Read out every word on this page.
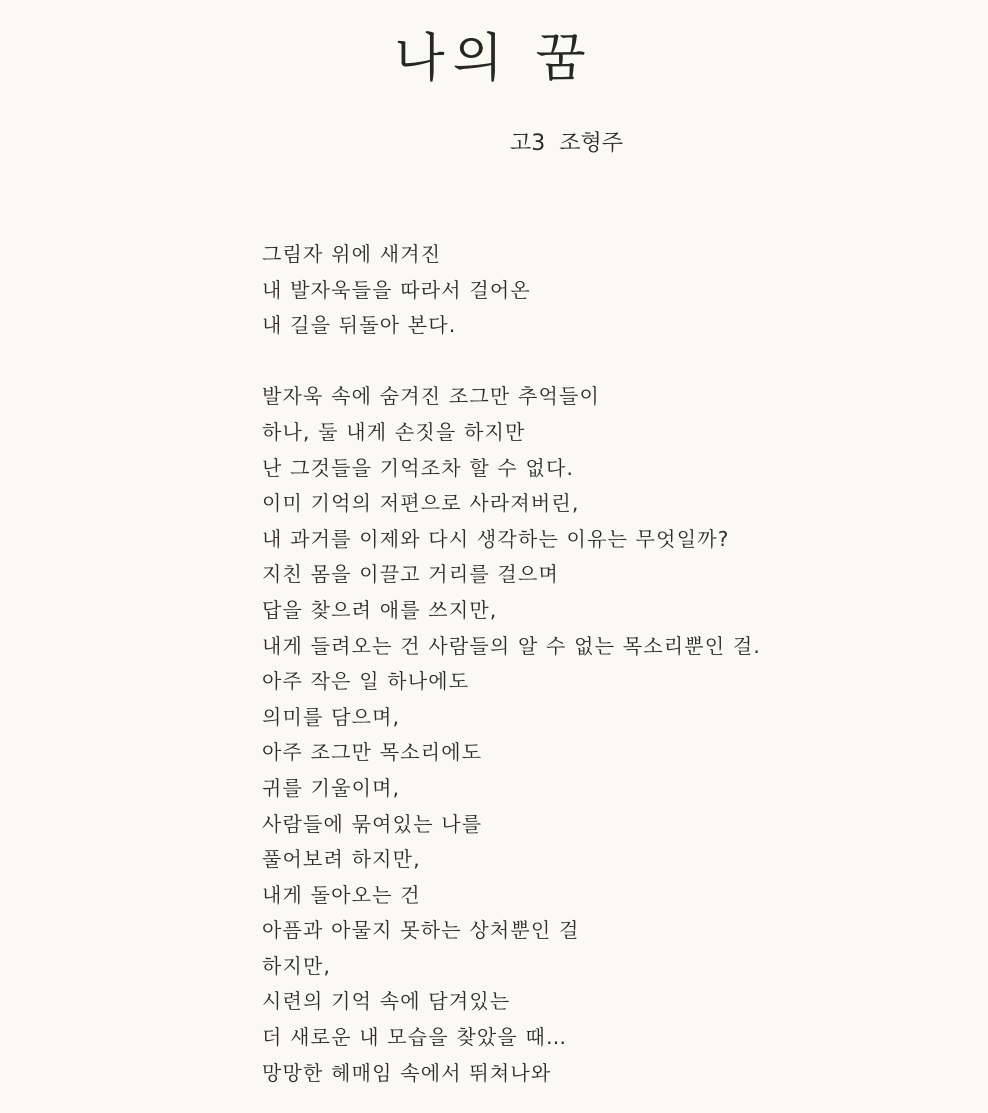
나의 꿈
고3  조형주
그림자 위에 새겨진
내 발자욱들을 따라서 걸어온
내 길을 뒤돌아 본다.
발자욱 속에 숨겨진 조그만 추억들이
하나, 둘 내게 손짓을 하지만
난 그것들을 기억조차 할 수 없다.
이미 기억의 저편으로 사라져버린,
내 과거를 이제와 다시 생각하는 이유는 무엇일까?
지친 몸을 이끌고 거리를 걸으며
답을 찾으려 애를 쓰지만,
내게 들려오는 건 사람들의 알 수 없는 목소리뿐인 걸.
아주 작은 일 하나에도
의미를 담으며,
아주 조그만 목소리에도
귀를 기울이며,
사람들에 묶여있는 나를
풀어보려 하지만,
내게 돌아오는 건
아픔과 아물지 못하는 상처뿐인 걸
하지만,
시련의 기억 속에 담겨있는
더 새로운 내 모습을 찾았을 때…
망망한 헤매임 속에서 뛰쳐나와
